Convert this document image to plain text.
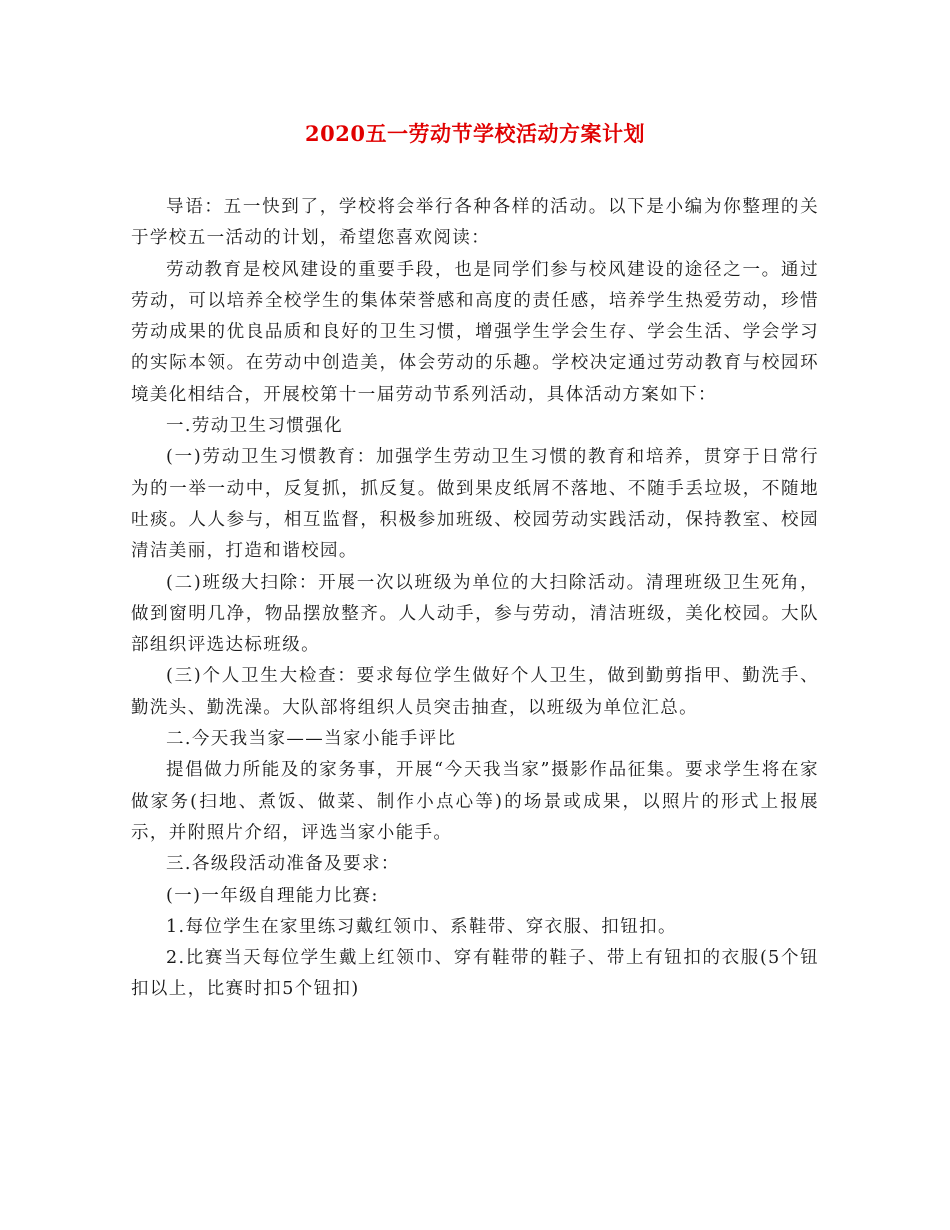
2020五一劳动节学校活动方案计划

导语：五一快到了，学校将会举行各种各样的活动。以下是小编为你整理的关于学校五一活动的计划，希望您喜欢阅读：

劳动教育是校风建设的重要手段，也是同学们参与校风建设的途径之一。通过劳动，可以培养全校学生的集体荣誉感和高度的责任感，培养学生热爱劳动，珍惜劳动成果的优良品质和良好的卫生习惯，增强学生学会生存、学会生活、学会学习的实际本领。在劳动中创造美，体会劳动的乐趣。学校决定通过劳动教育与校园环境美化相结合，开展校第十一届劳动节系列活动，具体活动方案如下：

一.劳动卫生习惯强化

(一)劳动卫生习惯教育：加强学生劳动卫生习惯的教育和培养，贯穿于日常行为的一举一动中，反复抓，抓反复。做到果皮纸屑不落地、不随手丢垃圾，不随地吐痰。人人参与，相互监督，积极参加班级、校园劳动实践活动，保持教室、校园清洁美丽，打造和谐校园。

(二)班级大扫除：开展一次以班级为单位的大扫除活动。清理班级卫生死角，做到窗明几净，物品摆放整齐。人人动手，参与劳动，清洁班级，美化校园。大队部组织评选达标班级。

(三)个人卫生大检查：要求每位学生做好个人卫生，做到勤剪指甲、勤洗手、勤洗头、勤洗澡。大队部将组织人员突击抽查，以班级为单位汇总。

二.今天我当家——当家小能手评比

提倡做力所能及的家务事，开展“今天我当家”摄影作品征集。要求学生将在家做家务(扫地、煮饭、做菜、制作小点心等)的场景或成果，以照片的形式上报展示，并附照片介绍，评选当家小能手。

三.各级段活动准备及要求：

(一)一年级自理能力比赛:

1.每位学生在家里练习戴红领巾、系鞋带、穿衣服、扣钮扣。

2.比赛当天每位学生戴上红领巾、穿有鞋带的鞋子、带上有钮扣的衣服(5个钮扣以上，比赛时扣5个钮扣)
